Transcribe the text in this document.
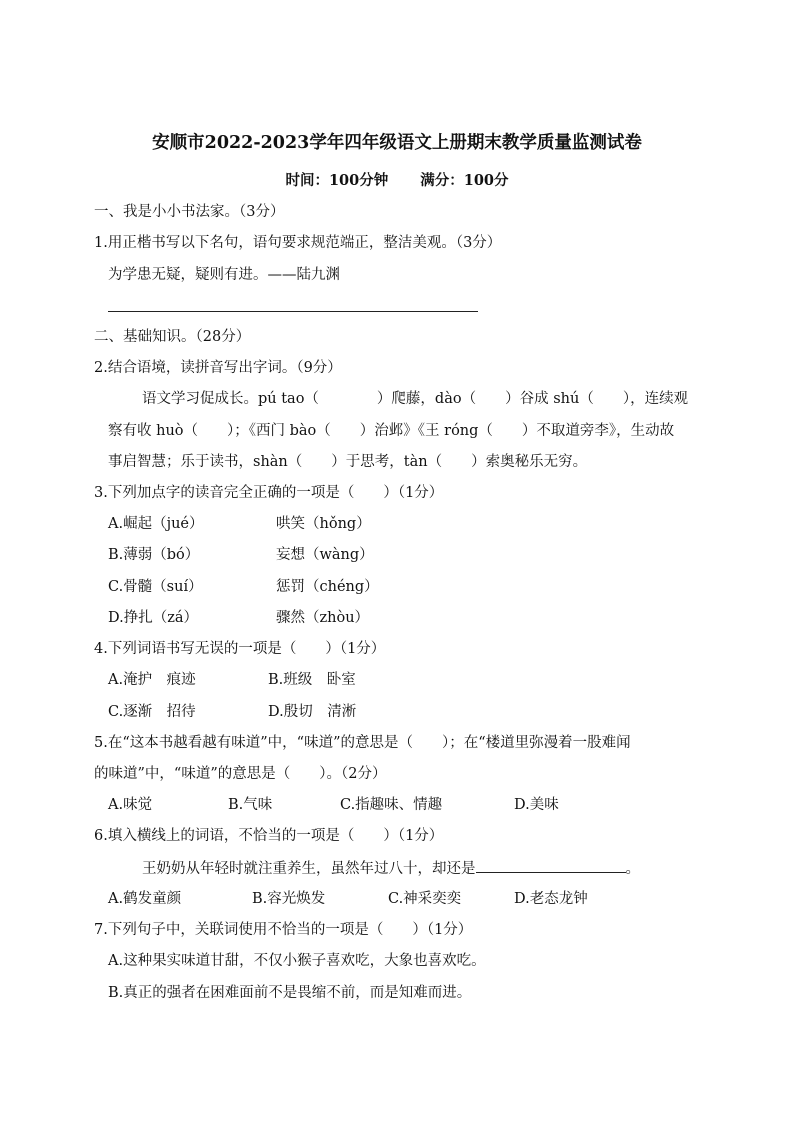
安顺市2022-2023学年四年级语文上册期末教学质量监测试卷
时间：100分钟 满分：100分
一、我是小小书法家。（3分）
1.用正楷书写以下名句，语句要求规范端正，整洁美观。（3分）
为学患无疑，疑则有进。——陆九渊
二、基础知识。（28分）
2.结合语境，读拼音写出字词。（9分）
语文学习促成长。pú tao（　　　　）爬藤，dào（　　）谷成 shú（　　），连续观
察有收 huò（　　）；《西门 bào（　　）治邺》《王 róng（　　）不取道旁李》，生动故
事启智慧；乐于读书，shàn（　　）于思考，tàn（　　）索奥秘乐无穷。
3.下列加点字的读音完全正确的一项是（　　）（1分）
A.崛起（jué）	哄笑（hǒng）
B.薄弱（bó）	妄想（wàng）
C.骨髓（suí）	惩罚（chéng）
D.挣扎（zá）	骤然（zhòu）
4.下列词语书写无误的一项是（　　）（1分）
A.淹护　痕迹	B.班级　卧室
C.逐渐　招待	D.殷切　清淅
5.在“这本书越看越有味道”中，“味道”的意思是（　　）；在“楼道里弥漫着一股难闻
的味道”中，“味道”的意思是（　　）。（2分）
A.味觉	B.气味	C.指趣味、情趣	D.美味
6.填入横线上的词语，不恰当的一项是（　　）（1分）
王奶奶从年轻时就注重养生，虽然年过八十，却还是	。
A.鹤发童颜	B.容光焕发	C.神采奕奕	D.老态龙钟
7.下列句子中，关联词使用不恰当的一项是（　　）（1分）
A.这种果实味道甘甜，不仅小猴子喜欢吃，大象也喜欢吃。
B.真正的强者在困难面前不是畏缩不前，而是知难而进。
